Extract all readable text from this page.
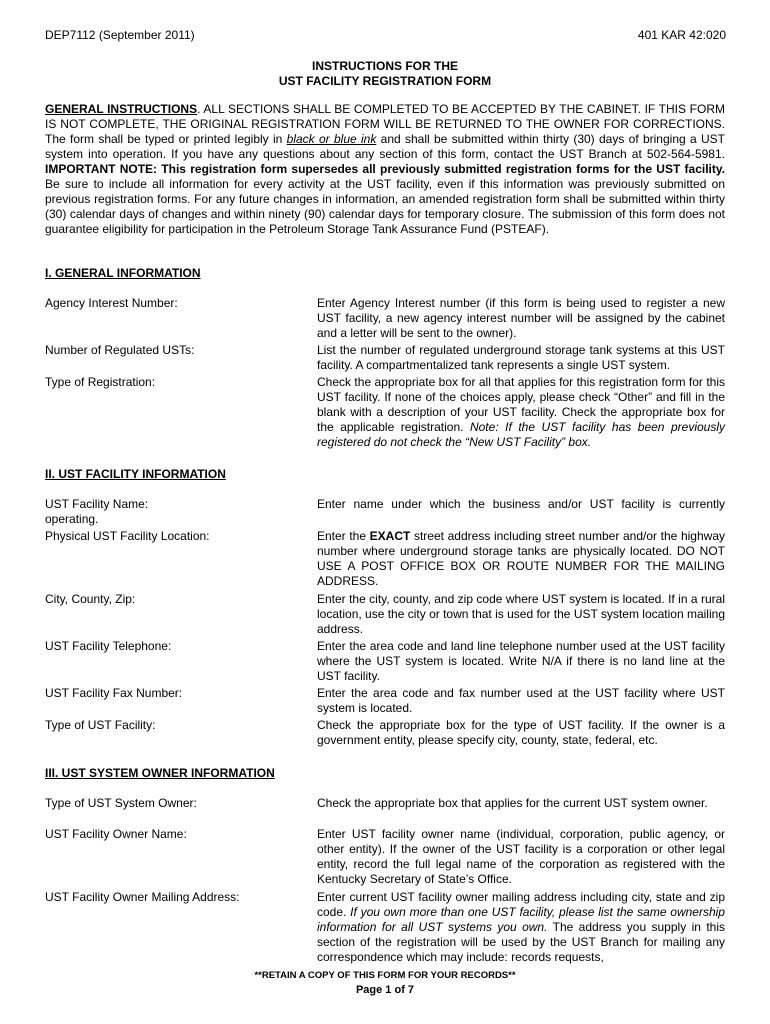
DEP7112 (September 2011)	401 KAR 42:020
INSTRUCTIONS FOR THE
UST FACILITY REGISTRATION FORM

GENERAL INSTRUCTIONS. ALL SECTIONS SHALL BE COMPLETED TO BE ACCEPTED BY THE CABINET. IF THIS FORM IS NOT COMPLETE, THE ORIGINAL REGISTRATION FORM WILL BE RETURNED TO THE OWNER FOR CORRECTIONS. The form shall be typed or printed legibly in black or blue ink and shall be submitted within thirty (30) days of bringing a UST system into operation. If you have any questions about any section of this form, contact the UST Branch at 502-564-5981. IMPORTANT NOTE: This registration form supersedes all previously submitted registration forms for the UST facility. Be sure to include all information for every activity at the UST facility, even if this information was previously submitted on previous registration forms. For any future changes in information, an amended registration form shall be submitted within thirty (30) calendar days of changes and within ninety (90) calendar days for temporary closure. The submission of this form does not guarantee eligibility for participation in the Petroleum Storage Tank Assurance Fund (PSTEAF).

I. GENERAL INFORMATION
Agency Interest Number:	Enter Agency Interest number (if this form is being used to register a new UST facility, a new agency interest number will be assigned by the cabinet and a letter will be sent to the owner).
Number of Regulated USTs:	List the number of regulated underground storage tank systems at this UST facility. A compartmentalized tank represents a single UST system.
Type of Registration:	Check the appropriate box for all that applies for this registration form for this UST facility. If none of the choices apply, please check “Other” and fill in the blank with a description of your UST facility. Check the appropriate box for the applicable registration. Note: If the UST facility has been previously registered do not check the “New UST Facility” box.
II. UST FACILITY INFORMATION
UST Facility Name:	Enter name under which the business and/or UST facility is currently
operating.
Physical UST Facility Location:	Enter the EXACT street address including street number and/or the highway number where underground storage tanks are physically located. DO NOT USE A POST OFFICE BOX OR ROUTE NUMBER FOR THE MAILING ADDRESS.
City, County, Zip:	Enter the city, county, and zip code where UST system is located. If in a rural location, use the city or town that is used for the UST system location mailing address.
UST Facility Telephone:	Enter the area code and land line telephone number used at the UST facility where the UST system is located. Write N/A if there is no land line at the UST facility.
UST Facility Fax Number:	Enter the area code and fax number used at the UST facility where UST system is located.
Type of UST Facility:	Check the appropriate box for the type of UST facility. If the owner is a government entity, please specify city, county, state, federal, etc.
III. UST SYSTEM OWNER INFORMATION
Type of UST System Owner:	Check the appropriate box that applies for the current UST system owner.
UST Facility Owner Name:	Enter UST facility owner name (individual, corporation, public agency, or other entity). If the owner of the UST facility is a corporation or other legal entity, record the full legal name of the corporation as registered with the Kentucky Secretary of State’s Office.
UST Facility Owner Mailing Address:	Enter current UST facility owner mailing address including city, state and zip code. If you own more than one UST facility, please list the same ownership information for all UST systems you own. The address you supply in this section of the registration will be used by the UST Branch for mailing any correspondence which may include: records requests,
**RETAIN A COPY OF THIS FORM FOR YOUR RECORDS**
Page 1 of 7
